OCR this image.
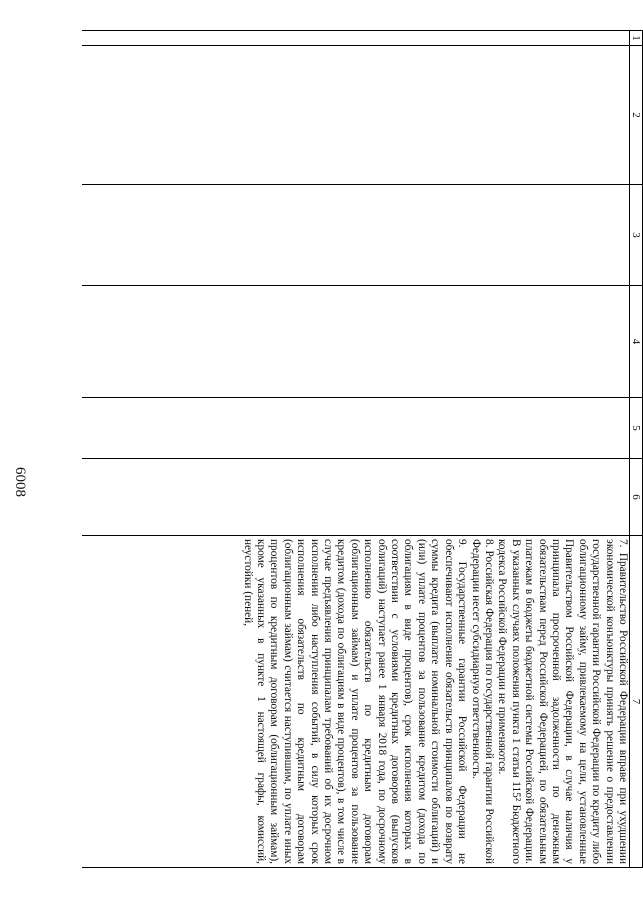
6008
1	2	3	4	5	6	7

						7. Правительство Российской Федерации вправе при ухудшении экономической конъюнктуры принять решение о предоставлении государственной гарантии Российской Федерации по кредиту либо облигационному займу, привлекаемому на цели, установленные Правительством Российской Федерации, в случае наличия у принципала просроченной задолженности по денежным обязательствам перед Российской Федерацией, по обязательным платежам в бюджеты бюджетной системы Российской Федерации. В указанных случаях положения пункта 1 статьи 115² Бюджетного кодекса Российской Федерации не применяются.

8. Российская Федерация по государственной гарантии Российской Федерации несет субсидиарную ответственность.

9. Государственные гарантии Российской Федерации не обеспечивают исполнение обязательств принципалов по возврату суммы кредита (выплате номинальной стоимости облигаций) и (или) уплате процентов за пользование кредитом (дохода по облигациям в виде процентов), срок исполнения которых в соответствии с условиями кредитных договоров (выпусков облигаций) наступает ранее 1 января 2018 года, по досрочному исполнению обязательств по кредитным договорам (облигационным займам) и уплате процентов за пользование кредитом (дохода по облигациям в виде процентов), в том числе в случае предъявления принципалам требований об их досрочном исполнении либо наступления событий, в силу которых срок исполнения обязательств по кредитным договорам (облигационным займам) считается наступившим, по уплате иных процентов по кредитным договорам (облигационным займам), кроме указанных в пункте 1 настоящей графы, комиссий, неустойки (пеней,
